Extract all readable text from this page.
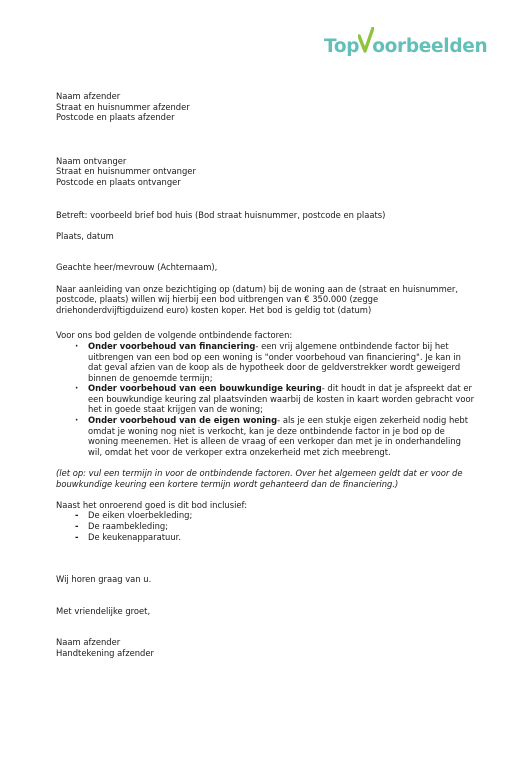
Top oorbeelden

Naam afzender

Straat en huisnummer afzender

Postcode en plaats afzender

Naam ontvanger

Straat en huisnummer ontvanger

Postcode en plaats ontvanger

Betreft: voorbeeld brief bod huis (Bod straat huisnummer, postcode en plaats)

Plaats, datum

Geachte heer/mevrouw (Achternaam),

Naar aanleiding van onze bezichtiging op (datum) bij de woning aan de (straat en huisnummer, postcode, plaats) willen wij hierbij een bod uitbrengen van € 350.000 (zegge driehonderdvijftigduizend euro) kosten koper. Het bod is geldig tot (datum)

Voor ons bod gelden de volgende ontbindende factoren:

· Onder voorbehoud van financiering- een vrij algemene ontbindende factor bij het uitbrengen van een bod op een woning is "onder voorbehoud van financiering". Je kan in dat geval afzien van de koop als de hypotheek door de geldverstrekker wordt geweigerd binnen de genoemde termijn;
· Onder voorbehoud van een bouwkundige keuring- dit houdt in dat je afspreekt dat er een bouwkundige keuring zal plaatsvinden waarbij de kosten in kaart worden gebracht voor het in goede staat krijgen van de woning;
· Onder voorbehoud van de eigen woning- als je een stukje eigen zekerheid nodig hebt omdat je woning nog niet is verkocht, kan je deze ontbindende factor in je bod op de woning meenemen. Het is alleen de vraag of een verkoper dan met je in onderhandeling wil, omdat het voor de verkoper extra onzekerheid met zich meebrengt.

(let op: vul een termijn in voor de ontbindende factoren. Over het algemeen geldt dat er voor de bouwkundige keuring een kortere termijn wordt gehanteerd dan de financiering.)

Naast het onroerend goed is dit bod inclusief:

- De eiken vloerbekleding;
- De raambekleding;
- De keukenapparatuur.

Wij horen graag van u.

Met vriendelijke groet,

Naam afzender

Handtekening afzender
